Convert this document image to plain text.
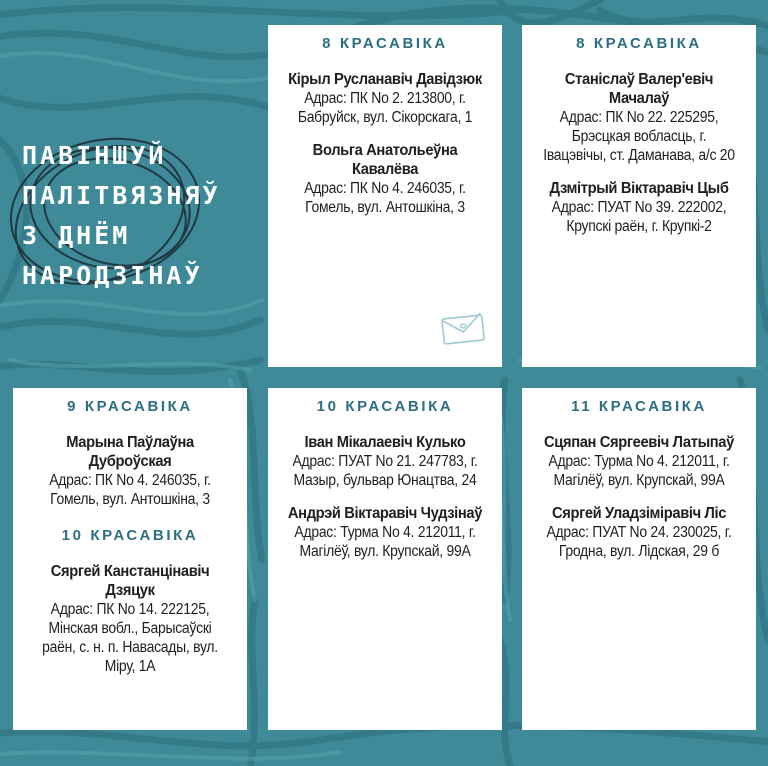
ПАВІНШУЙ
ПАЛІТВЯЗНЯЎ
З ДНЁМ
НАРОДЗІНАЎ
8 КРАСАВІКА
Кірыл Русланавіч Давідзюк
Адрас: ПК No 2. 213800, г. Бабруйск, вул. Сікорскага, 1
Вольга Анатольеўна Кавалёва
Адрас: ПК No 4. 246035, г. Гомель, вул. Антошкіна, 3
8 КРАСАВІКА
Станіслаў Валер'евіч Мачалаў
Адрас: ПК No 22. 225295, Брэсцкая вобласць, г. Івацэвічы, ст. Даманава, а/с 20
Дзмітрый Віктаравіч Цыб
Адрас: ПУАТ No 39. 222002, Крупскі раён, г. Крупкі-2
9 КРАСАВІКА
Марына Паўлаўна Дуброўская
Адрас: ПК No 4. 246035, г. Гомель, вул. Антошкіна, 3
10 КРАСАВІКА
Сяргей Канстанцінавіч Дзяцук
Адрас: ПК No 14. 222125, Мінская вобл., Барысаўскі раён, с. н. п. Навасады, вул. Міру, 1А
10 КРАСАВІКА
Іван Мікалаевіч Кулько
Адрас: ПУАТ No 21. 247783, г. Мазыр, бульвар Юнацтва, 24
Андрэй Віктаравіч Чудзінаў
Адрас: Турма No 4. 212011, г. Магілёў, вул. Крупскай, 99А
11 КРАСАВІКА
Сцяпан Сяргеевіч Латыпаў
Адрас: Турма No 4. 212011, г. Магілёў, вул. Крупскай, 99А
Сяргей Уладзіміравіч Ліс
Адрас: ПУАТ No 24. 230025, г. Гродна, вул. Лідская, 29 б
